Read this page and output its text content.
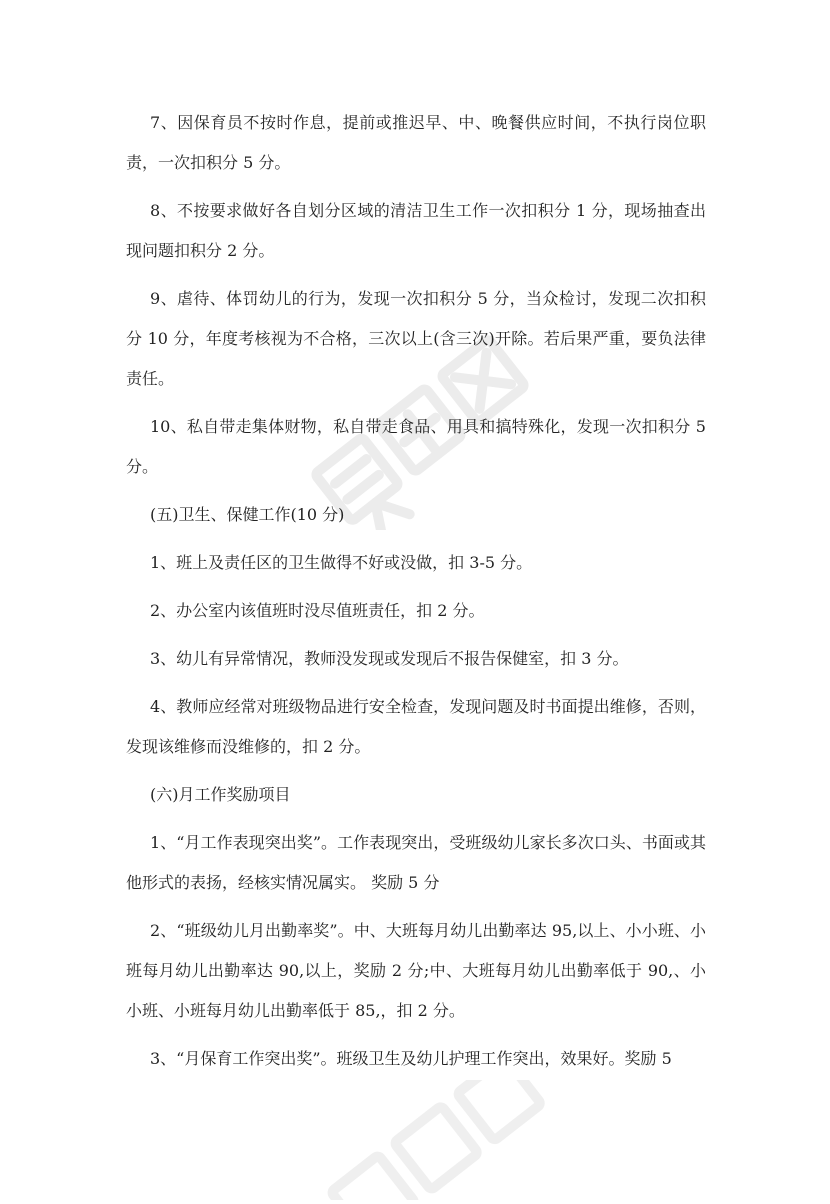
7、因保育员不按时作息，提前或推迟早、中、晚餐供应时间，不执行岗位职责，一次扣积分 5 分。

8、不按要求做好各自划分区域的清洁卫生工作一次扣积分 1 分，现场抽查出现问题扣积分 2 分。

9、虐待、体罚幼儿的行为，发现一次扣积分 5 分，当众检讨，发现二次扣积分 10 分，年度考核视为不合格，三次以上(含三次)开除。若后果严重，要负法律责任。

10、私自带走集体财物，私自带走食品、用具和搞特殊化，发现一次扣积分 5 分。

(五)卫生、保健工作(10 分)

1、班上及责任区的卫生做得不好或没做，扣 3-5 分。

2、办公室内该值班时没尽值班责任，扣 2 分。

3、幼儿有异常情况，教师没发现或发现后不报告保健室，扣 3 分。

4、教师应经常对班级物品进行安全检查，发现问题及时书面提出维修，否则，发现该维修而没维修的，扣 2 分。

(六)月工作奖励项目

1、“月工作表现突出奖”。工作表现突出，受班级幼儿家长多次口头、书面或其他形式的表扬，经核实情况属实。 奖励 5 分

2、“班级幼儿月出勤率奖”。中、大班每月幼儿出勤率达 95,以上、小小班、小班每月幼儿出勤率达 90,以上，奖励 2 分;中、大班每月幼儿出勤率低于 90,、小小班、小班每月幼儿出勤率低于 85,，扣 2 分。

3、“月保育工作突出奖”。班级卫生及幼儿护理工作突出，效果好。奖励 5
